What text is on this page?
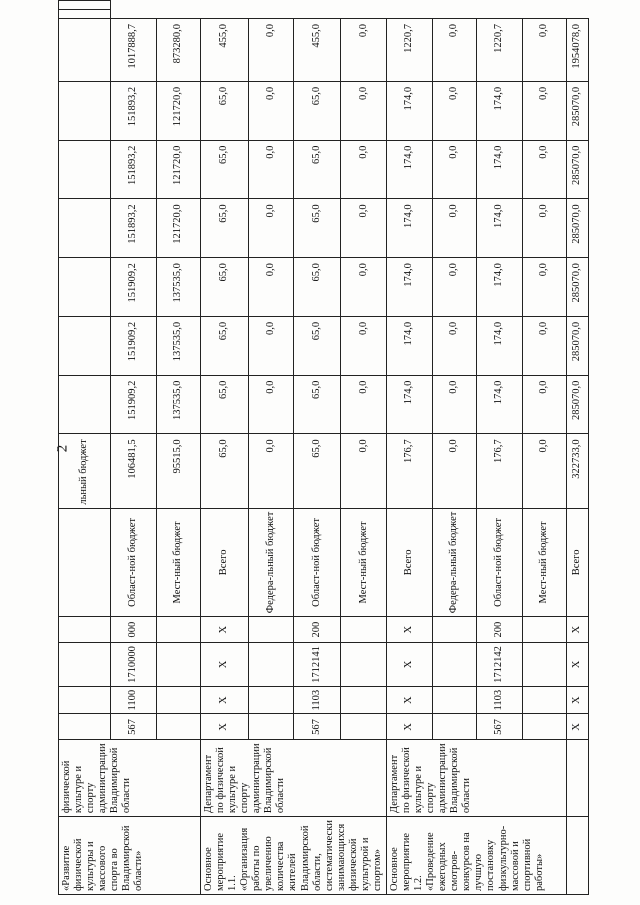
2
«Развитие физической культуры и массового спорта во Владимирской области»	физической культуре и спорту администрации Владимирской области						льный бюджет									
		567	1100	1710000	000	Област-ной бюджет	106481,5	151909,2	151909,2	151909,2	151893,2	151893,2	151893,2	1017888,7		
						Мест-ный бюджет	95515,0	137535,0	137535,0	137535,0	121720,0	121720,0	121720,0	873280,0		
Основное мероприятие 1.1. «Организация работы по увеличению количества жителей Владимирской области, систематически занимающихся физической культурой и спортом»	Департамент по физической культуре и спорту администрации Владимирской области	X	X	X	X	Всего	65,0	65,0	65,0	65,0	65,0	65,0	65,0	455,0		
						Федера-льный бюджет	0,0	0,0	0,0	0,0	0,0	0,0	0,0	0,0		
		567	1103	1712141	200	Област-ной бюджет	65,0	65,0	65,0	65,0	65,0	65,0	65,0	455,0		
						Мест-ный бюджет	0,0	0,0	0,0	0,0	0,0	0,0	0,0	0,0		
Основное мероприятие 1.2. «Проведение ежегодных смотров-конкурсов на лучшую постановку физкультурно-массовой и спортивной работы»	Департамент по физической культуре и спорту администрации Владимирской области	X	X	X	X	Всего	176,7	174,0	174,0	174,0	174,0	174,0	174,0	1220,7		
						Федера-льный бюджет	0,0	0,0	0,0	0,0	0,0	0,0	0,0	0,0		
		567	1103	1712142	200	Област-ной бюджет	176,7	174,0	174,0	174,0	174,0	174,0	174,0	1220,7		
						Мест-ный бюджет	0,0	0,0	0,0	0,0	0,0	0,0	0,0	0,0		
		X	X	X	X	Всего	322733,0	285070,0	285070,0	285070,0	285070,0	285070,0	285070,0	1954078,0		
